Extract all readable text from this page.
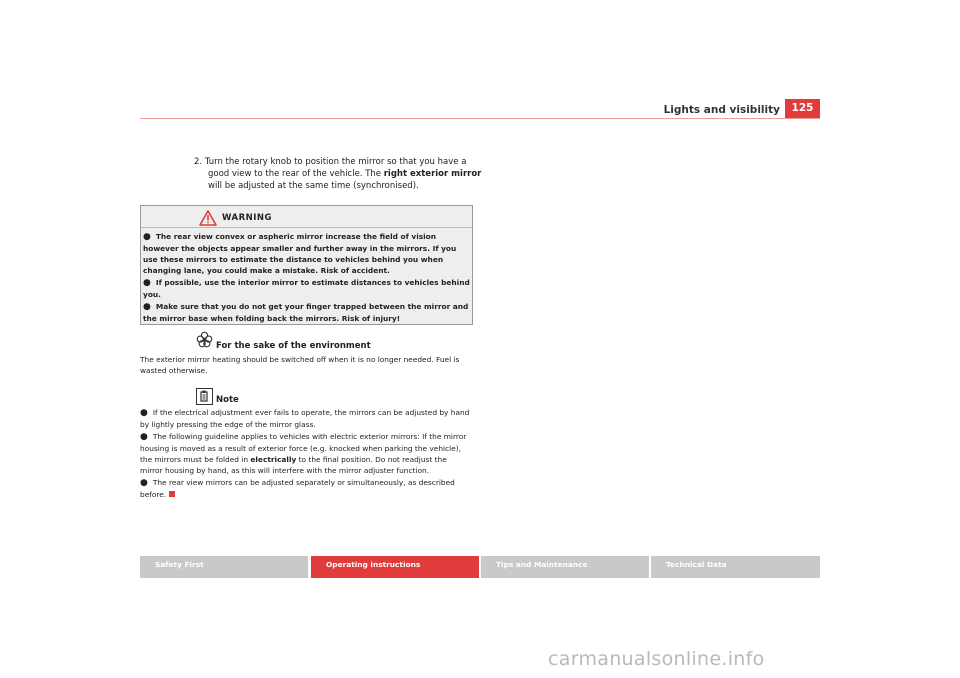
Lights and visibility	125
2. Turn the rotary knob to position the mirror so that you have a good view to the rear of the vehicle. The right exterior mirror will be adjusted at the same time (synchronised).
WARNING

● The rear view convex or aspheric mirror increase the field of vision however the objects appear smaller and further away in the mirrors. If you use these mirrors to estimate the distance to vehicles behind you when changing lane, you could make a mistake. Risk of accident.

● If possible, use the interior mirror to estimate distances to vehicles behind you.

● Make sure that you do not get your finger trapped between the mirror and the mirror base when folding back the mirrors. Risk of injury!

For the sake of the environment
The exterior mirror heating should be switched off when it is no longer needed. Fuel is wasted otherwise.
Note

● If the electrical adjustment ever fails to operate, the mirrors can be adjusted by hand by lightly pressing the edge of the mirror glass.

● The following guideline applies to vehicles with electric exterior mirrors: If the mirror housing is moved as a result of exterior force (e.g. knocked when parking the vehicle), the mirrors must be folded in electrically to the final position. Do not readjust the mirror housing by hand, as this will interfere with the mirror adjuster function.

● The rear view mirrors can be adjusted separately or simultaneously, as described before.

Safety First	Operating instructions	Tips and Maintenance	Technical Data
carmanualsonline.info
